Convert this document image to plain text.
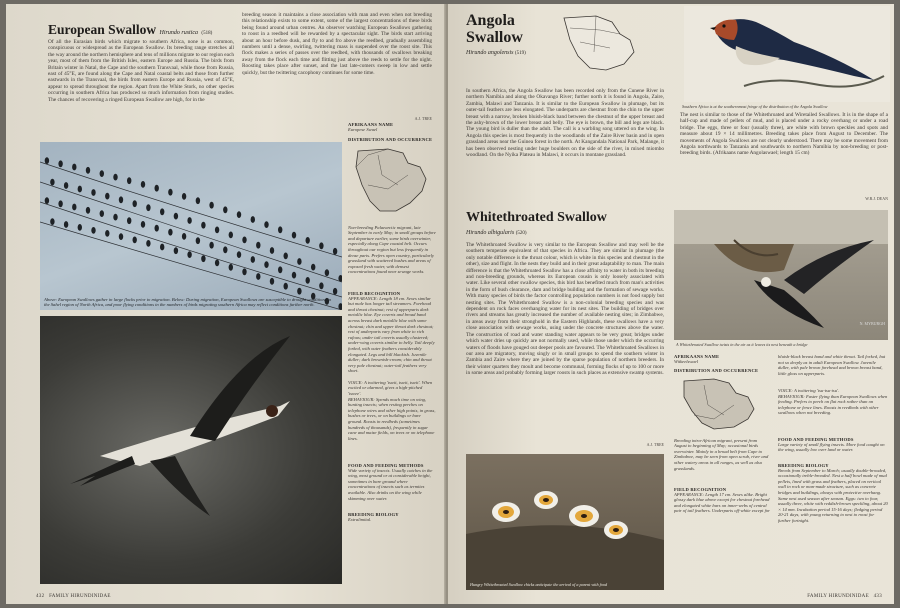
European Swallow Hirundo rustica (518)
Of all the Eurasian birds which migrate to southern Africa, none is as common, conspicuous or widespread as the European Swallow. Its breeding range stretches all the way around the northern hemisphere and tens of millions migrate to our region each year, most of them from the British Isles, eastern Europe and Russia. The birds from Britain winter in Natal, the Cape and the southern Transvaal, while those from Russia, east of 45°E, are found along the Cape and Natal coastal belts and those from further eastwards in the Transvaal, the birds from eastern Europe and Russia, west of 45°E, appear to spread throughout the region. Apart from the White Stork, no other species occurring in southern Africa has produced so much information from ringing studies. The chances of recovering a ringed European Swallow are high, for in the
breeding season it maintains a close association with man and even when not breeding this relationship exists to some extent, some of the largest concentrations of these birds being found around urban centres. An observer watching European Swallows gathering to roost in a reedbed will be rewarded by a spectacular sight. The birds start arriving about an hour before dusk, and fly to and fro above the reedbed, gradually assembling numbers until a dense, swirling, twittering mass is suspended over the roost site. This flock makes a series of passes over the reedbed, with thousands of swallows breaking away from the flock each time and flitting just above the reeds to settle for the night. Roosting takes place after sunset, and the last late-comers sweep in low and settle quickly, but the twittering cacophony continues for some time.
A.J. TREE
Above: European Swallows gather in large flocks prior to migration. Below: During migration, European Swallows are susceptible to drought conditions in the Sahel region of North Africa, and poor flying conditions in the numbers of birds migrating southern Africa may reflect conditions further north.
AFRIKAANS NAME
Europese Swael
DISTRIBUTION AND OCCURRENCE
Non-breeding Palaearctic migrant, late September to early May; in small groups before and departure earlier, some birds overwinter, especially along Cape coastal belt. Occurs throughout our region but less frequently in dense parts. Prefers open country, particularly grassland with scattered bushes and areas of exposed fresh water, with densest concentrations found near sewage works.
FIELD RECOGNITION
APPEARANCE: Length 18 cm. Sexes similar but male has longer tail streamers. Forehead and throat chestnut; rest of upperparts dark metallic blue. Eye coverts and broad band across breast dark metallic blue with some chestnut; chin and upper throat dark chestnut; rest of underparts vary from white to rich rufous; under tail coverts usually clustered; under-wing coverts similar to belly. Tail deeply forked, with outer feathers considerably elongated. Legs and bill blackish. Juvenile duller; dark brownish-cream; chin and throat very pale chestnut; outer-tail feathers very short.
VOICE: A twittering 'tswit, tswit, tswit'. When excited or alarmed, gives a high-pitched 'tswee'.
BEHAVIOUR: Spends much time on wing, hunting insects; when resting perches on telephone wires and other high points, in grass, bushes or trees, or on buildings or bare ground. Roosts in reedbeds (sometimes hundreds of thousands), frequently in sugar cane and maize fields, on trees or on telephone lines.
FOOD AND FEEDING METHODS
Wide variety of insects. Usually catches in the wing, most ground or at considerable height, sometimes in bare ground where concentrations of insects such as termites available. Also drinks on the wing while skimming over water.
BREEDING BIOLOGY
Extralimital.
432 FAMILY HIRUNDINIDAE
Angola
Swallow
Hirundo angolensis (519)
Southern Africa is at the southernmost fringe of the distribution of the Angola Swallow
In southern Africa, the Angola Swallow has been recorded only from the Cunene River in northern Namibia and along the Okavango River; further north it is found in Angola, Zaire, Zambia, Malawi and Tanzania. It is similar to the European Swallow in plumage, but its outer-tail feathers are less elongated. The underparts are chestnut from the chin to the upper breast with a narrow, broken bluish-black band between the chestnut of the upper breast and the ashy-brown of the lower breast and belly. The eye is brown, the bill and legs are black. The young bird is duller than the adult. The call is a warbling song uttered on the wing. In Angola this species is most frequently in the woodlands of the Zaire River basin and in open grassland areas near the Guinea forest in the north. At Kangandala National Park, Malange, it has been observed nesting under huge boulders on the side of the river, in mixed miombo woodland. On the Nyika Plateau in Malawi, it occurs in montane grassland.
The nest is similar to those of the Whitethroated and Wiretailed Swallows. It is in the shape of a half-cup and made of pellets of mud, and is placed under a rocky overhang or under a road bridge. The eggs, three or four (usually three), are white with brown speckles and spots and measure about 19 × 14 millimetres. Breeding takes place from August to December. The movements of Angola Swallows are not clearly understood. There may be some movement from Angola northwards to Tanzania and southwards to northern Namibia by non-breeding or post-breeding birds. (Afrikaans name Angolaswael; length 15 cm)
W.R.J. DEAN
Whitethroated Swallow
Hirundo albigularis (520)
The Whitethroated Swallow is very similar to the European Swallow and may well be the southern temperate equivalent of that species in Africa. They are similar in plumage (the only notable difference is the throat colour, which is white in this species and chestnut in the other), size and flight. In the nests they build and in their great adaptability to man. The main difference is that the Whitethroated Swallow has a close affinity to water in both its breeding and non-breeding grounds, whereas its European cousin is only loosely associated with water. Like several other swallow species, this bird has benefited much from man's activities in the form of bush clearance, dam and bridge building and the formation of sewage works. With many species of birds the factor controlling population numbers is not food supply but nesting sites. The Whitethroated Swallow is a non-colonial breeding species and was dependent on rock faces overhanging water for its nest sites. The building of bridges over rivers and streams has greatly increased the number of available nesting sites; in Zimbabwe, in areas away from their stronghold in the Eastern Highlands, these swallows have a very close association with sewage works, using under the concrete structures above the water. The construction of road and water standing water appears to be very great; bridges under which water dries up quickly are not normally used, while those under which the occurring waters of floods have gouged out deeper pools are favoured. The Whitethroated Swallows in our area are migratory, moving singly or in small groups to spend the southern winter in Zambia and Zaire where they are joined by the sparse population of northern breeders. In their winter quarters they moult and become communal, forming flocks of up to 100 or more in some areas and probably forming larger roosts in such places as extensive swamp systems.
A.J. TREE
N. MYBURGH
A Whitethroated Swallow twists in the air as it leaves its nest beneath a bridge
Hungry Whitethroated Swallow chicks anticipate the arrival of a parent with food
AFRIKAANS NAME
Witkeelswael
DISTRIBUTION AND OCCURRENCE
Breeding intra-African migrant, present from August to beginning of May; occasional birds overwinter. Mainly in a broad belt from Cape to Zimbabwe, may be seen from open scrub, river and other watery areas in all ranges, as well as also grasslands.
FIELD RECOGNITION
APPEARANCE: Length 17 cm. Sexes alike. Bright glossy dark blue above except for chestnut forehead and elongated white bars on inner-webs of central pair of tail feathers. Underparts off-white except for
bluish-black breast band and white throat. Tail forked, but not so deeply as in adult European Swallow. Juvenile duller, with pale brown forehead and brown breast band, little gloss on upperparts.
VOICE: A twittering 'tsu-tsu-tsu'.
BEHAVIOUR: Faster flying than European Swallows when feeding. Prefers to perch on flat rock rather than on telephone or fence lines. Roosts in reedbeds with other swallows when not breeding.
FOOD AND FEEDING METHODS
Large variety of small flying insects. More food caught on the wing, usually low over land or water.
BREEDING BIOLOGY
Breeds from September to March; usually double-brooded, occasionally treble-brooded. Nest a half bowl made of mud pellets, lined with grass and feathers, placed on vertical wall in rock or man-made structure, such as concrete bridges and buildings, always with protective overhang. Same nest used season after season. Eggs: two to four, usually three, white with reddish-brown speckling, about 20 × 14 mm. Incubation period 15-16 days; fledging period 20-21 days, with young returning to nest to roost for further fortnight.
FAMILY HIRUNDINIDAE 433
